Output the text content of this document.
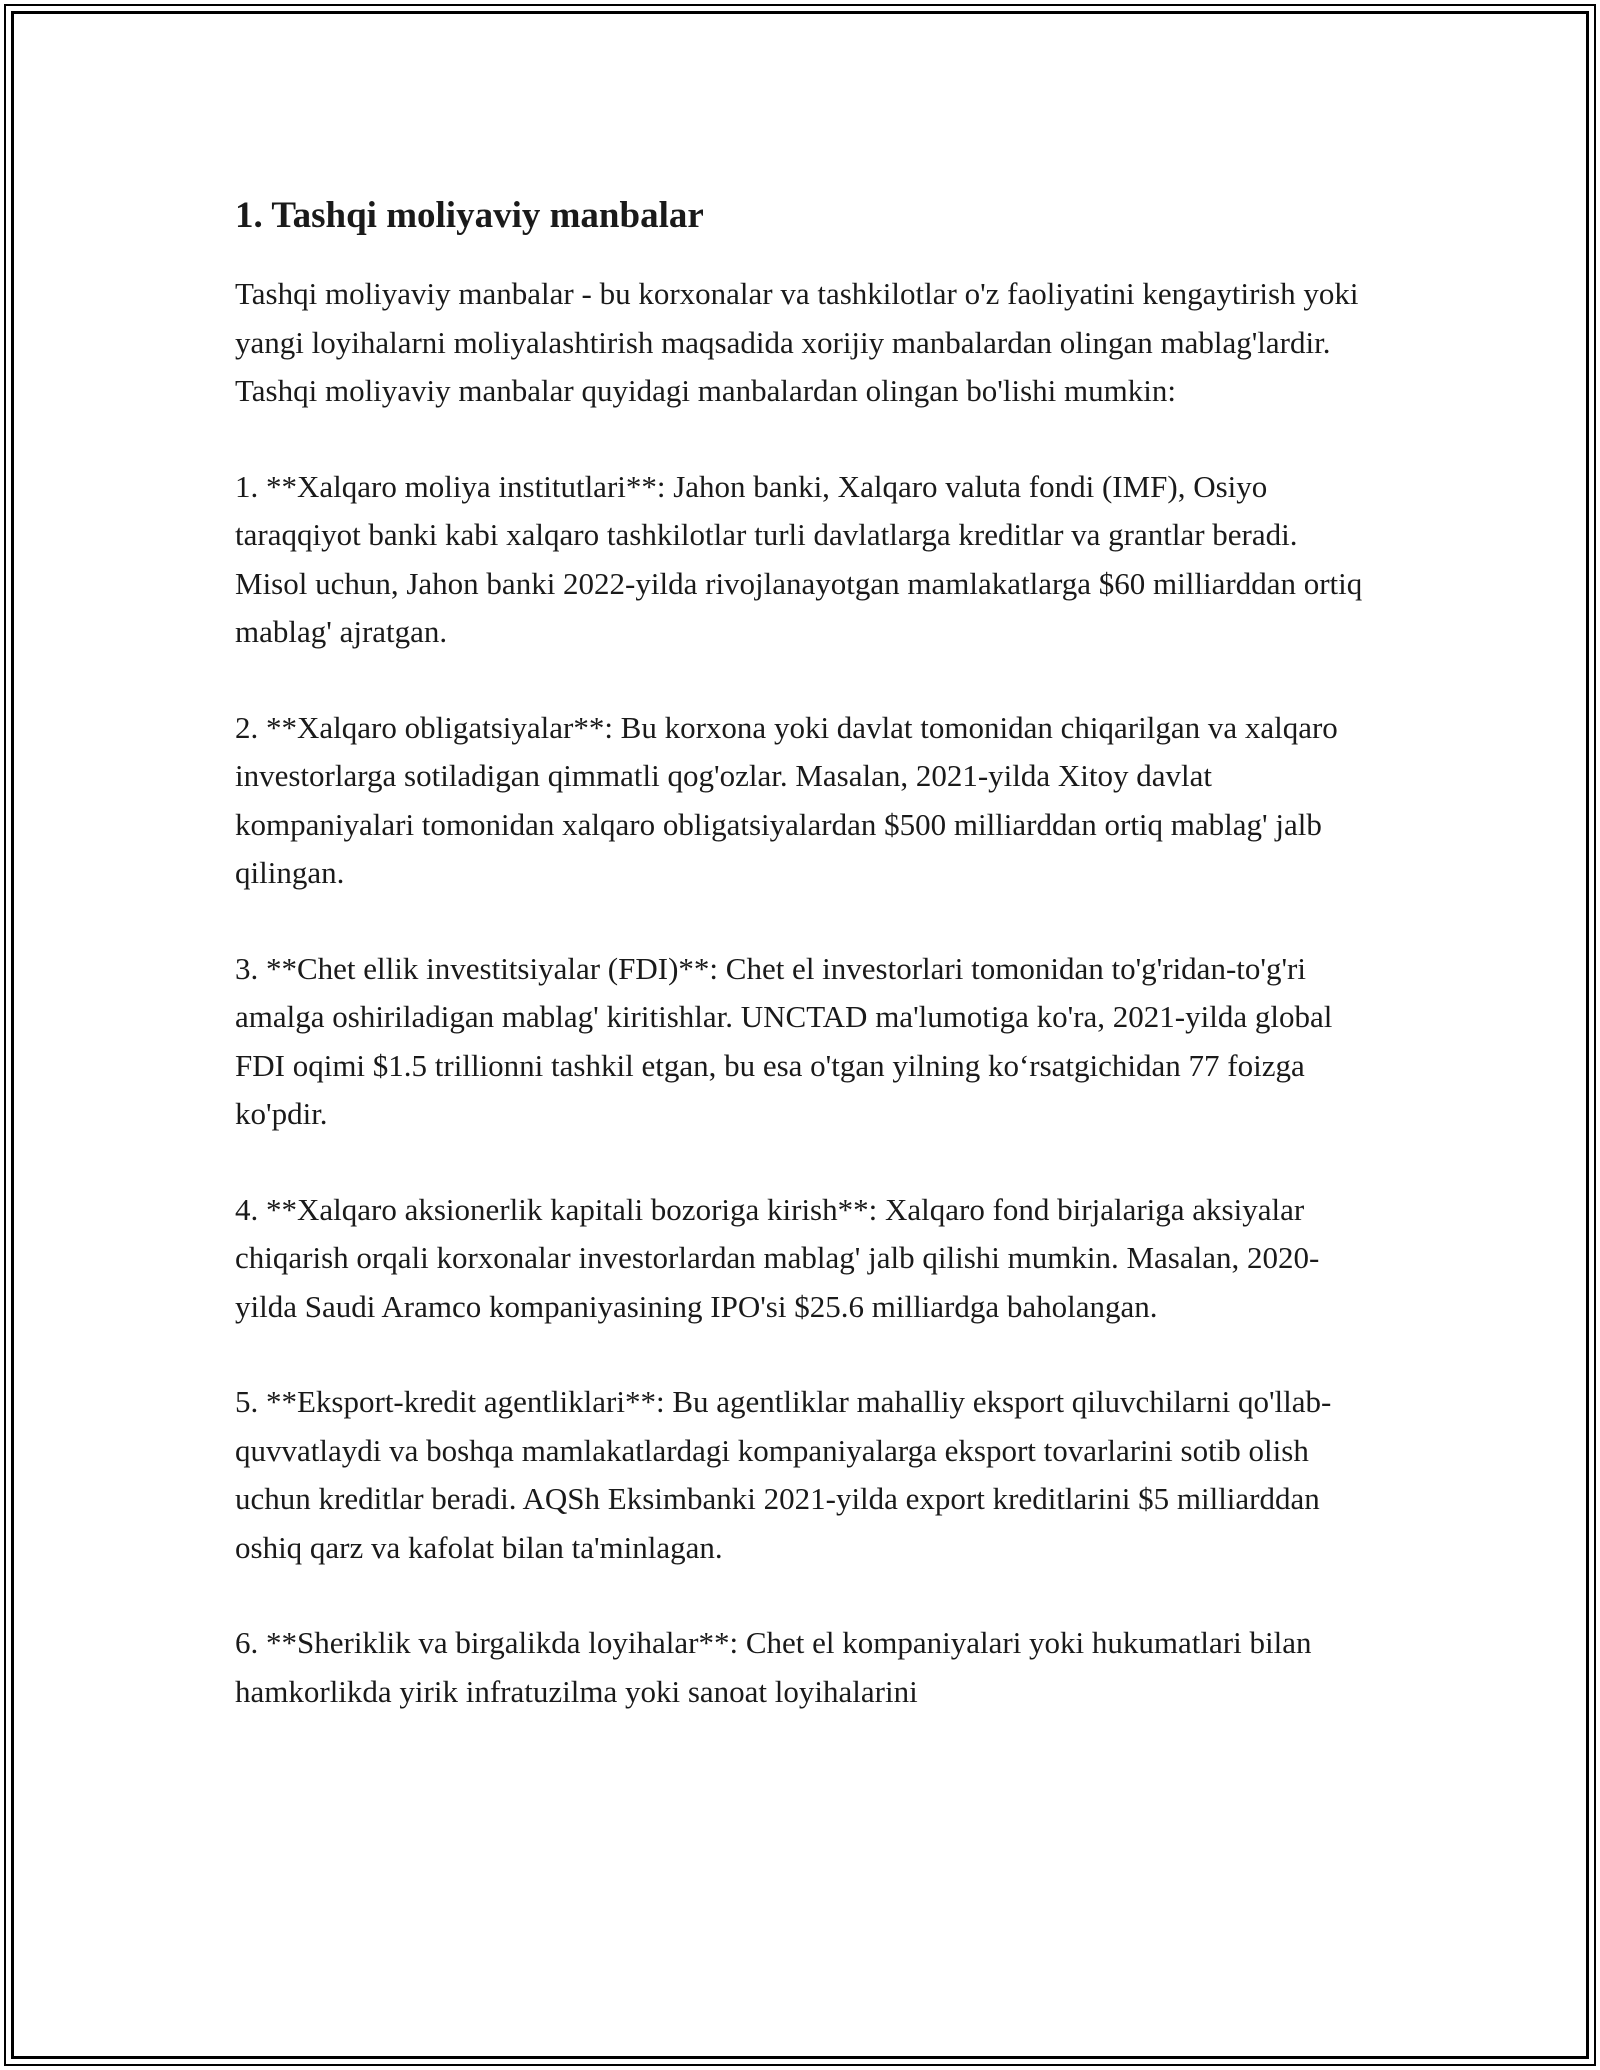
1. Tashqi moliyaviy manbalar

Tashqi moliyaviy manbalar - bu korxonalar va tashkilotlar o'z faoliyatini kengaytirish yoki yangi loyihalarni moliyalashtirish maqsadida xorijiy manbalardan olingan mablag'lardir. Tashqi moliyaviy manbalar quyidagi manbalardan olingan bo'lishi mumkin:

1. **Xalqaro moliya institutlari**: Jahon banki, Xalqaro valuta fondi (IMF), Osiyo taraqqiyot banki kabi xalqaro tashkilotlar turli davlatlarga kreditlar va grantlar beradi. Misol uchun, Jahon banki 2022-yilda rivojlanayotgan mamlakatlarga $60 milliarddan ortiq mablag' ajratgan.

2. **Xalqaro obligatsiyalar**: Bu korxona yoki davlat tomonidan chiqarilgan va xalqaro investorlarga sotiladigan qimmatli qog'ozlar. Masalan, 2021-yilda Xitoy davlat kompaniyalari tomonidan xalqaro obligatsiyalardan $500 milliarddan ortiq mablag' jalb qilingan.

3. **Chet ellik investitsiyalar (FDI)**: Chet el investorlari tomonidan to'g'ridan-to'g'ri amalga oshiriladigan mablag' kiritishlar. UNCTAD ma'lumotiga ko'ra, 2021-yilda global FDI oqimi $1.5 trillionni tashkil etgan, bu esa o'tgan yilning ko‘rsatgichidan 77 foizga ko'pdir.

4. **Xalqaro aksionerlik kapitali bozoriga kirish**: Xalqaro fond birjalariga aksiyalar chiqarish orqali korxonalar investorlardan mablag' jalb qilishi mumkin. Masalan, 2020-yilda Saudi Aramco kompaniyasining IPO'si $25.6 milliardga baholangan.

5. **Eksport-kredit agentliklari**: Bu agentliklar mahalliy eksport qiluvchilarni qo'llab-quvvatlaydi va boshqa mamlakatlardagi kompaniyalarga eksport tovarlarini sotib olish uchun kreditlar beradi. AQSh Eksimbanki 2021-yilda export kreditlarini $5 milliarddan oshiq qarz va kafolat bilan ta'minlagan.

6. **Sheriklik va birgalikda loyihalar**: Chet el kompaniyalari yoki hukumatlari bilan hamkorlikda yirik infratuzilma yoki sanoat loyihalarini
